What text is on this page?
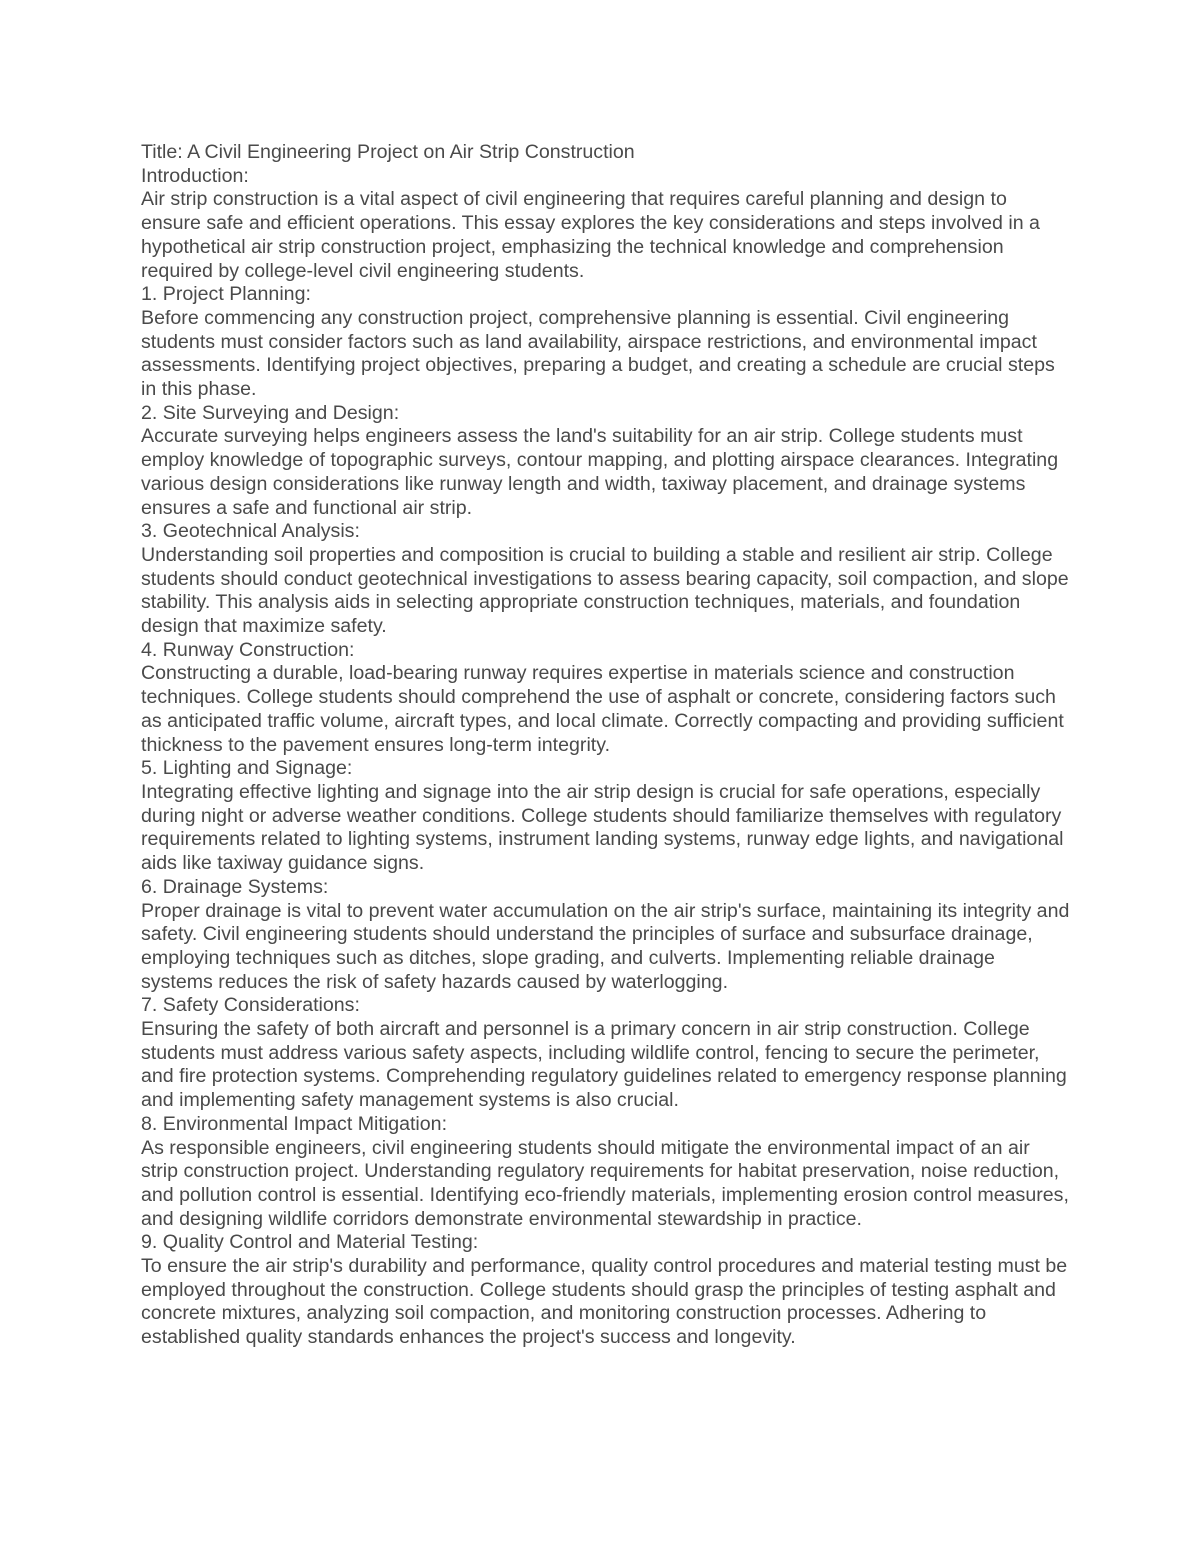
Title: A Civil Engineering Project on Air Strip Construction

Introduction:

Air strip construction is a vital aspect of civil engineering that requires careful planning and design to ensure safe and efficient operations. This essay explores the key considerations and steps involved in a hypothetical air strip construction project, emphasizing the technical knowledge and comprehension required by college-level civil engineering students.

1. Project Planning:

Before commencing any construction project, comprehensive planning is essential. Civil engineering students must consider factors such as land availability, airspace restrictions, and environmental impact assessments. Identifying project objectives, preparing a budget, and creating a schedule are crucial steps in this phase.

2. Site Surveying and Design:

Accurate surveying helps engineers assess the land's suitability for an air strip. College students must employ knowledge of topographic surveys, contour mapping, and plotting airspace clearances. Integrating various design considerations like runway length and width, taxiway placement, and drainage systems ensures a safe and functional air strip.

3. Geotechnical Analysis:

Understanding soil properties and composition is crucial to building a stable and resilient air strip. College students should conduct geotechnical investigations to assess bearing capacity, soil compaction, and slope stability. This analysis aids in selecting appropriate construction techniques, materials, and foundation design that maximize safety.

4. Runway Construction:

Constructing a durable, load-bearing runway requires expertise in materials science and construction techniques. College students should comprehend the use of asphalt or concrete, considering factors such as anticipated traffic volume, aircraft types, and local climate. Correctly compacting and providing sufficient thickness to the pavement ensures long-term integrity.

5. Lighting and Signage:

Integrating effective lighting and signage into the air strip design is crucial for safe operations, especially during night or adverse weather conditions. College students should familiarize themselves with regulatory requirements related to lighting systems, instrument landing systems, runway edge lights, and navigational aids like taxiway guidance signs.

6. Drainage Systems:

Proper drainage is vital to prevent water accumulation on the air strip's surface, maintaining its integrity and safety. Civil engineering students should understand the principles of surface and subsurface drainage, employing techniques such as ditches, slope grading, and culverts. Implementing reliable drainage systems reduces the risk of safety hazards caused by waterlogging.

7. Safety Considerations:

Ensuring the safety of both aircraft and personnel is a primary concern in air strip construction. College students must address various safety aspects, including wildlife control, fencing to secure the perimeter, and fire protection systems. Comprehending regulatory guidelines related to emergency response planning and implementing safety management systems is also crucial.

8. Environmental Impact Mitigation:

As responsible engineers, civil engineering students should mitigate the environmental impact of an air strip construction project. Understanding regulatory requirements for habitat preservation, noise reduction, and pollution control is essential. Identifying eco-friendly materials, implementing erosion control measures, and designing wildlife corridors demonstrate environmental stewardship in practice.

9. Quality Control and Material Testing:

To ensure the air strip's durability and performance, quality control procedures and material testing must be employed throughout the construction. College students should grasp the principles of testing asphalt and concrete mixtures, analyzing soil compaction, and monitoring construction processes. Adhering to established quality standards enhances the project's success and longevity.
